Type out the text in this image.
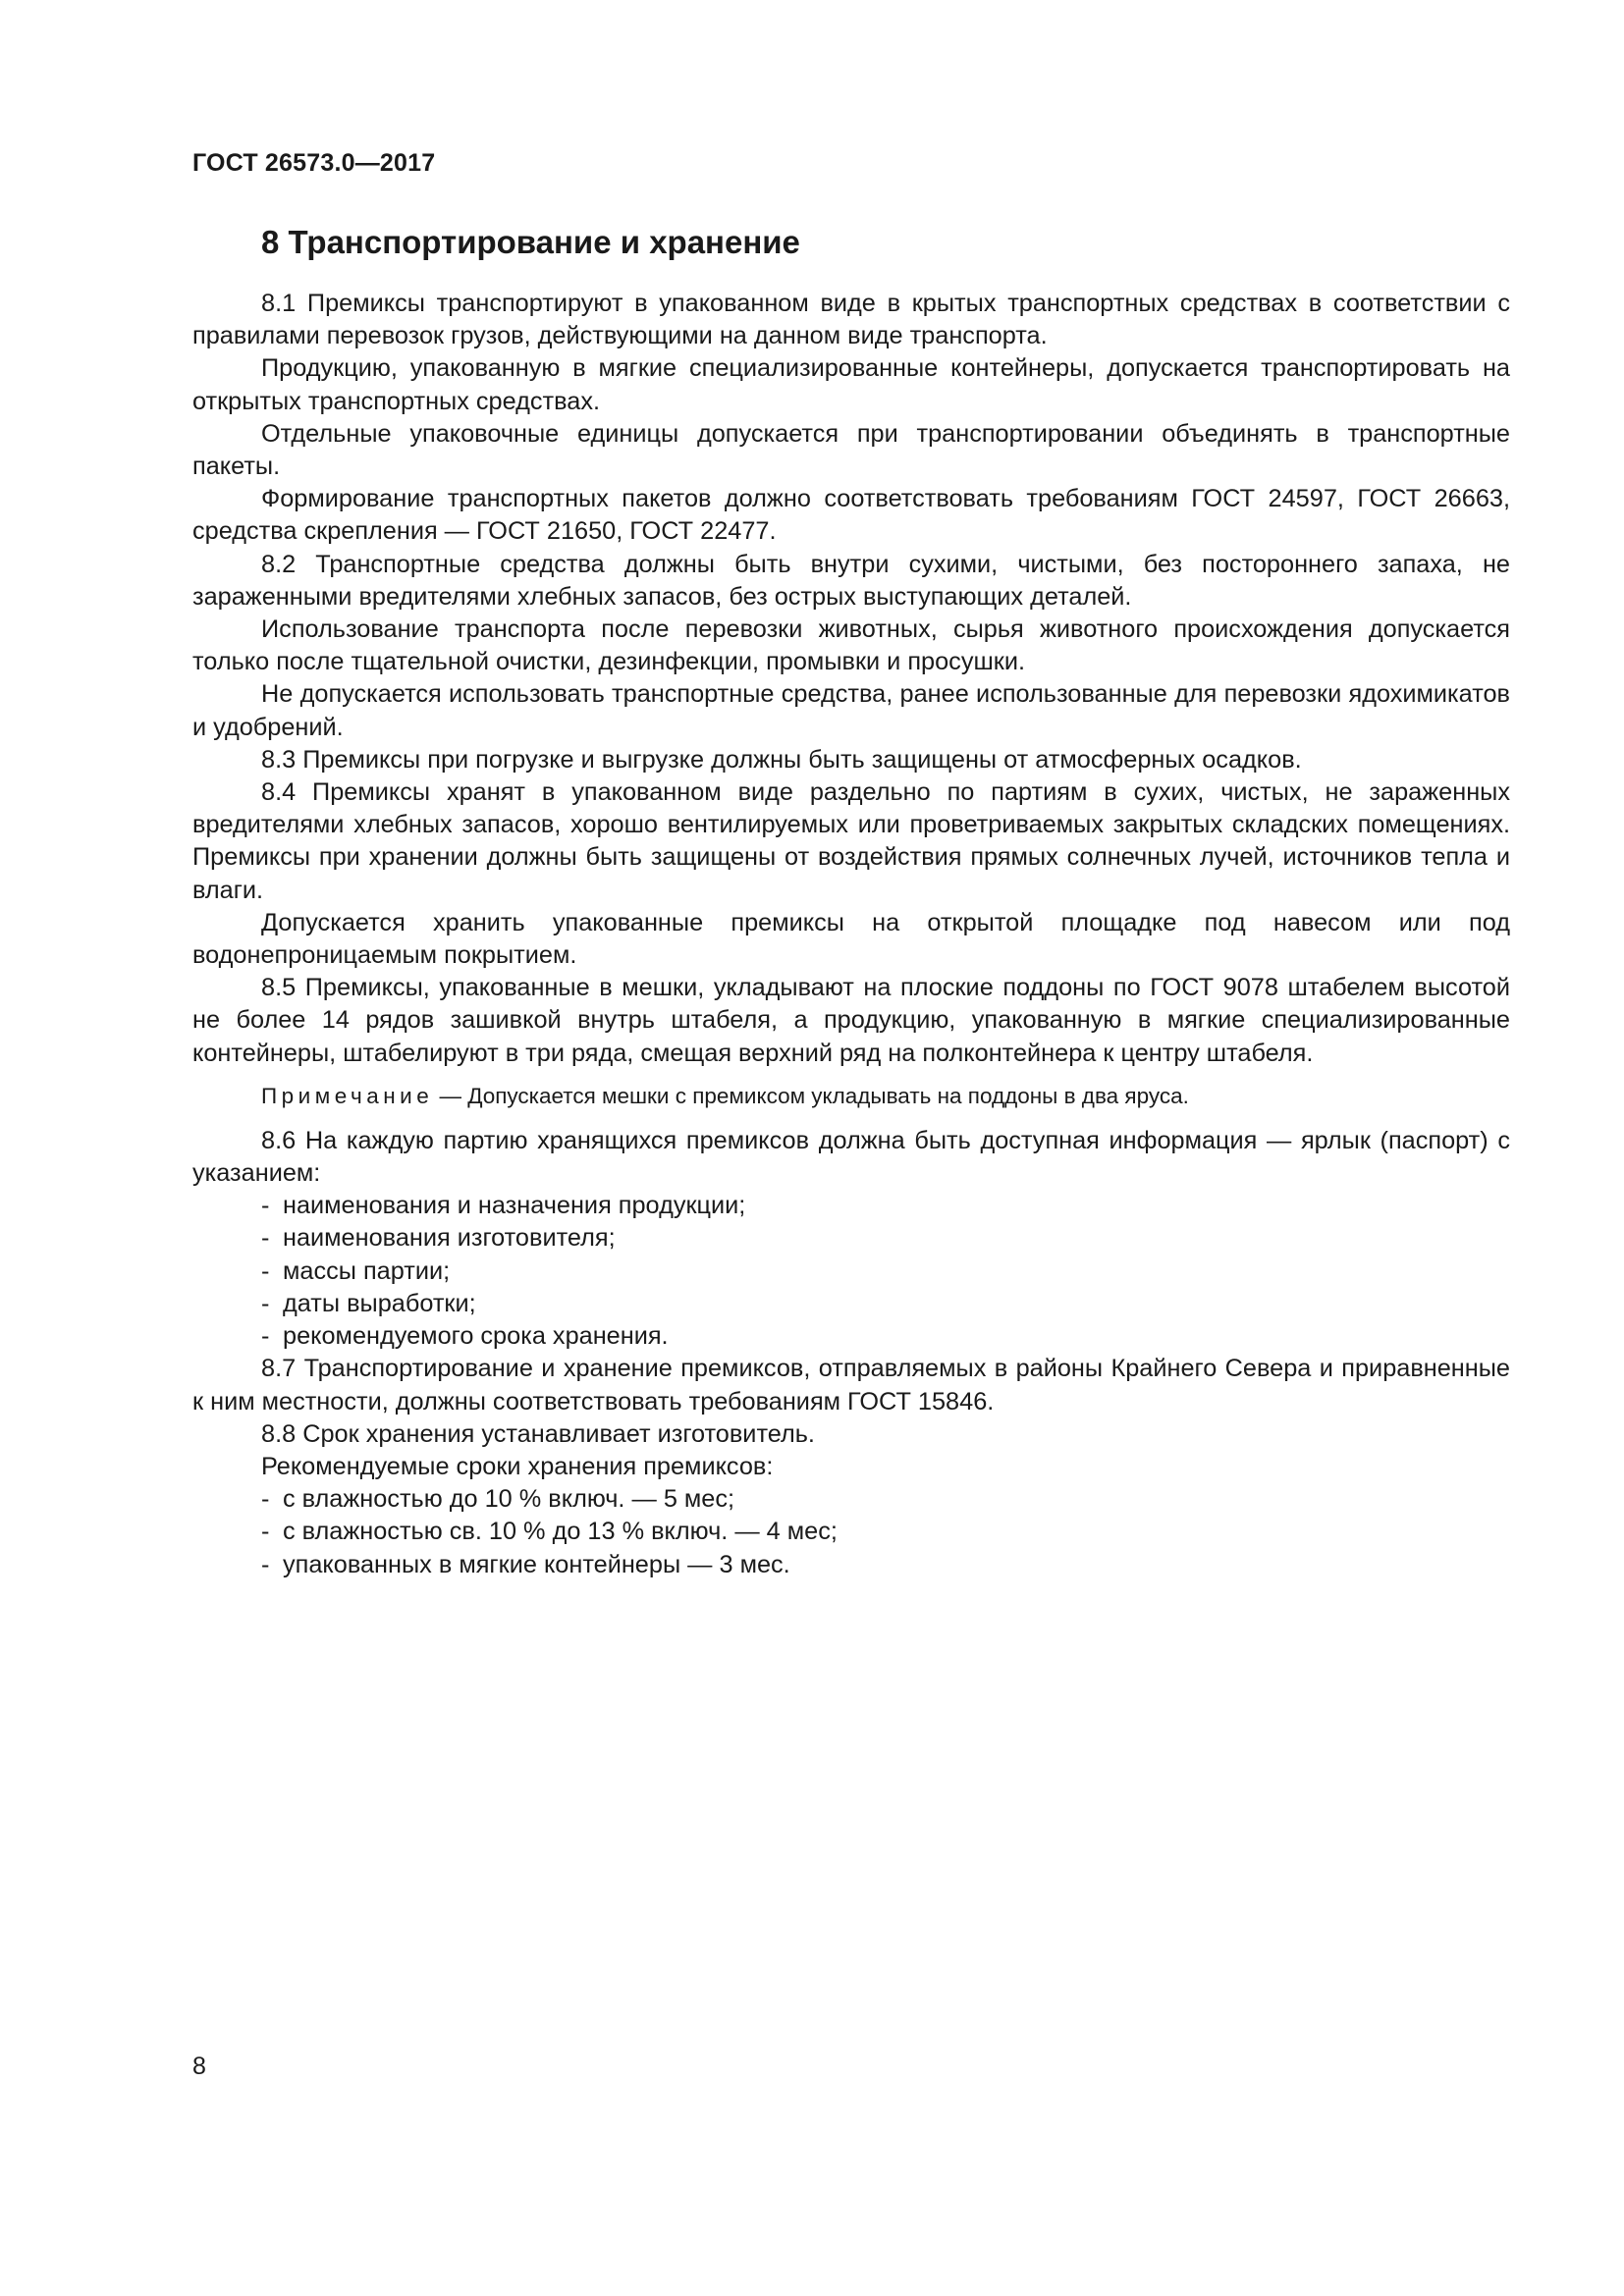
ГОСТ 26573.0—2017
8 Транспортирование и хранение

8.1 Премиксы транспортируют в упакованном виде в крытых транспортных средствах в соответствии с правилами перевозок грузов, действующими на данном виде транспорта.

Продукцию, упакованную в мягкие специализированные контейнеры, допускается транспортировать на открытых транспортных средствах.

Отдельные упаковочные единицы допускается при транспортировании объединять в транспортные пакеты.

Формирование транспортных пакетов должно соответствовать требованиям ГОСТ 24597, ГОСТ 26663, средства скрепления — ГОСТ 21650, ГОСТ 22477.

8.2 Транспортные средства должны быть внутри сухими, чистыми, без постороннего запаха, не зараженными вредителями хлебных запасов, без острых выступающих деталей.

Использование транспорта после перевозки животных, сырья животного происхождения допускается только после тщательной очистки, дезинфекции, промывки и просушки.

Не допускается использовать транспортные средства, ранее использованные для перевозки ядохимикатов и удобрений.

8.3 Премиксы при погрузке и выгрузке должны быть защищены от атмосферных осадков.

8.4 Премиксы хранят в упакованном виде раздельно по партиям в сухих, чистых, не зараженных вредителями хлебных запасов, хорошо вентилируемых или проветриваемых закрытых складских помещениях. Премиксы при хранении должны быть защищены от воздействия прямых солнечных лучей, источников тепла и влаги.

Допускается хранить упакованные премиксы на открытой площадке под навесом или под водонепроницаемым покрытием.

8.5 Премиксы, упакованные в мешки, укладывают на плоские поддоны по ГОСТ 9078 штабелем высотой не более 14 рядов зашивкой внутрь штабеля, а продукцию, упакованную в мягкие специализированные контейнеры, штабелируют в три ряда, смещая верхний ряд на полконтейнера к центру штабеля.

Примечание — Допускается мешки с премиксом укладывать на поддоны в два яруса.

8.6 На каждую партию хранящихся премиксов должна быть доступная информация — ярлык (паспорт) с указанием:

- наименования и назначения продукции;
- наименования изготовителя;
- массы партии;
- даты выработки;
- рекомендуемого срока хранения.

8.7 Транспортирование и хранение премиксов, отправляемых в районы Крайнего Севера и приравненные к ним местности, должны соответствовать требованиям ГОСТ 15846.

8.8 Срок хранения устанавливает изготовитель.

Рекомендуемые сроки хранения премиксов:

- с влажностью до 10 % включ. — 5 мес;
- с влажностью св. 10 % до 13 % включ. — 4 мес;
- упакованных в мягкие контейнеры — 3 мес.
8
